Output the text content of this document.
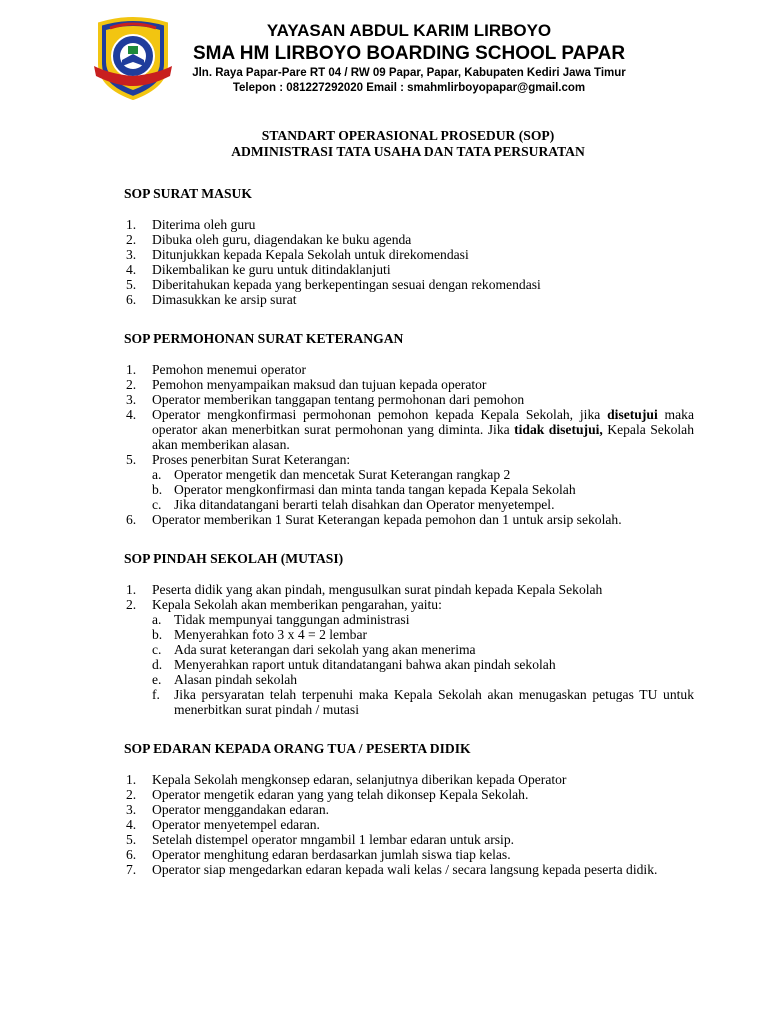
YAYASAN ABDUL KARIM LIRBOYO
SMA HM LIRBOYO BOARDING SCHOOL PAPAR
Jln. Raya Papar-Pare RT 04 / RW 09 Papar, Papar, Kabupaten Kediri Jawa Timur
Telepon : 081227292020 Email : smahmlirboyopapar@gmail.com
STANDART OPERASIONAL PROSEDUR (SOP)
ADMINISTRASI TATA USAHA DAN TATA PERSURATAN
SOP SURAT MASUK
1. Diterima oleh guru
2. Dibuka oleh guru, diagendakan ke buku agenda
3. Ditunjukkan kepada Kepala Sekolah untuk direkomendasi
4. Dikembalikan ke guru untuk ditindaklanjuti
5. Diberitahukan kepada yang berkepentingan sesuai dengan rekomendasi
6. Dimasukkan ke arsip surat
SOP PERMOHONAN SURAT KETERANGAN
1. Pemohon menemui operator
2. Pemohon menyampaikan maksud dan tujuan kepada operator
3. Operator memberikan tanggapan tentang permohonan dari pemohon
4. Operator mengkonfirmasi permohonan pemohon kepada Kepala Sekolah, jika disetujui maka operator akan menerbitkan surat permohonan yang diminta. Jika tidak disetujui, Kepala Sekolah akan memberikan alasan.
5. Proses penerbitan Surat Keterangan:
a. Operator mengetik dan mencetak Surat Keterangan rangkap 2
b. Operator mengkonfirmasi dan minta tanda tangan kepada Kepala Sekolah
c. Jika ditandatangani berarti telah disahkan dan Operator menyetempel.
6. Operator memberikan 1 Surat Keterangan kepada pemohon dan 1 untuk arsip sekolah.
SOP PINDAH SEKOLAH (MUTASI)
1. Peserta didik yang akan pindah, mengusulkan surat pindah kepada Kepala Sekolah
2. Kepala Sekolah akan memberikan pengarahan, yaitu:
a. Tidak mempunyai tanggungan administrasi
b. Menyerahkan foto 3 x 4 = 2 lembar
c. Ada surat keterangan dari sekolah yang akan menerima
d. Menyerahkan raport untuk ditandatangani bahwa akan pindah sekolah
e. Alasan pindah sekolah
f. Jika persyaratan telah terpenuhi maka Kepala Sekolah akan menugaskan petugas TU untuk menerbitkan surat pindah / mutasi
SOP EDARAN KEPADA ORANG TUA / PESERTA DIDIK
1. Kepala Sekolah mengkonsep edaran, selanjutnya diberikan kepada Operator
2. Operator mengetik edaran yang yang telah dikonsep Kepala Sekolah.
3. Operator menggandakan edaran.
4. Operator menyetempel edaran.
5. Setelah distempel operator mngambil 1 lembar edaran untuk arsip.
6. Operator menghitung edaran berdasarkan jumlah siswa tiap kelas.
7. Operator siap mengedarkan edaran kepada wali kelas / secara langsung kepada peserta didik.
